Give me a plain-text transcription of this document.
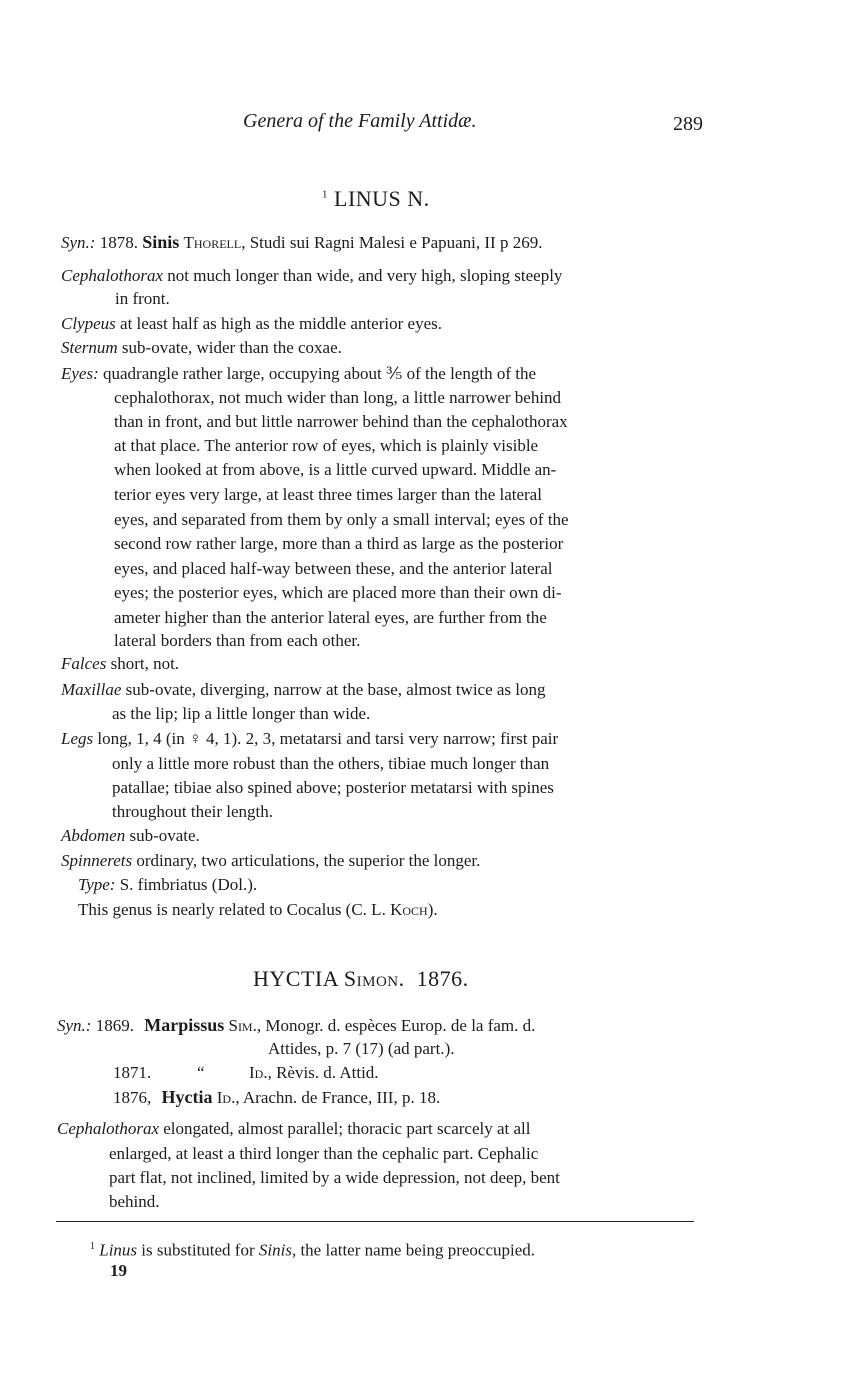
Genera of the Family Attidæ.	289
$^1$ LINUS N.
Syn.: 1878. Sinis Thorell, Studi sui Ragni Malesi e Papuani, II p 269.
Cephalothorax not much longer than wide, and very high, sloping steeply
in front.
Clypeus at least half as high as the middle anterior eyes.
Sternum sub-ovate, wider than the coxae.
Eyes: quadrangle rather large, occupying about ⅗ of the length of the
cephalothorax, not much wider than long, a little narrower behind
than in front, and but little narrower behind than the cephalothorax
at that place. The anterior row of eyes, which is plainly visible
when looked at from above, is a little curved upward. Middle an-
terior eyes very large, at least three times larger than the lateral
eyes, and separated from them by only a small interval; eyes of the
second row rather large, more than a third as large as the posterior
eyes, and placed half-way between these, and the anterior lateral
eyes; the posterior eyes, which are placed more than their own di-
ameter higher than the anterior lateral eyes, are further from the
lateral borders than from each other.
Falces short, not.
Maxillae sub-ovate, diverging, narrow at the base, almost twice as long
as the lip; lip a little longer than wide.
Legs long, 1, 4 (in ♀ 4, 1). 2, 3, metatarsi and tarsi very narrow; first pair
only a little more robust than the others, tibiae much longer than
patallae; tibiae also spined above; posterior metatarsi with spines
throughout their length.
Abdomen sub-ovate.
Spinnerets ordinary, two articulations, the superior the longer.
Type: S. fimbriatus (Dol.).
This genus is nearly related to Cocalus (C. L. Koch).
HYCTIA Simon. 1876.
Syn.: 1869. Marpissus Sim., Monogr. d. espèces Europ. de la fam. d.
Attides, p. 7 (17) (ad part.).
1871.	“	Id., Rèvis. d. Attid.
1876, Hyctia Id., Arachn. de France, III, p. 18.
Cephalothorax elongated, almost parallel; thoracic part scarcely at all
enlarged, at least a third longer than the cephalic part. Cephalic
part flat, not inclined, limited by a wide depression, not deep, bent
behind.
$^1$ Linus is substituted for Sinis, the latter name being preoccupied.
19
